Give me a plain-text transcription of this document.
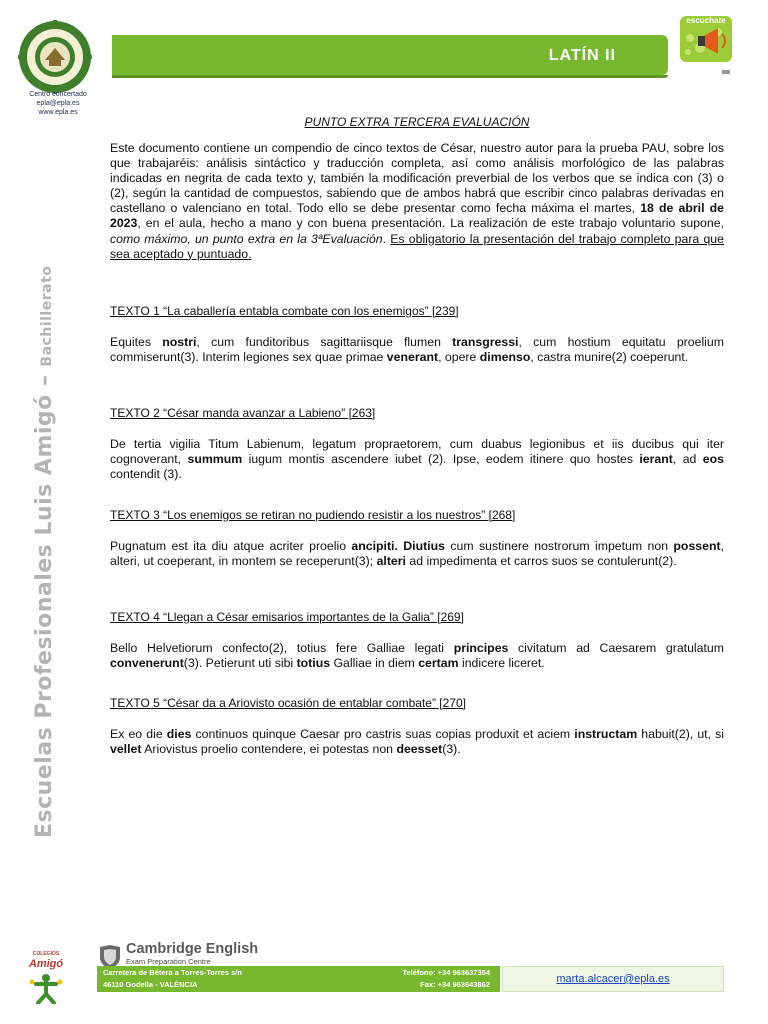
Centro concertado
epla@epla.es
www.epla.es
LATÍN II
escuchate
Escuelas Profesionales Luis Amigó –Bachillerato
PUNTO EXTRA TERCERA EVALUACIÓN
Este documento contiene un compendio de cinco textos de César, nuestro autor para la prueba PAU, sobre los que trabajaréis: análisis sintáctico y traducción completa, así como análisis morfológico de las palabras indicadas en negrita de cada texto y, también la modificación preverbial de los verbos que se indica con (3) o (2), según la cantidad de compuestos, sabiendo que de ambos habrá que escribir cinco palabras derivadas en castellano o valenciano en total. Todo ello se debe presentar como fecha máxima el martes, 18 de abril de 2023, en el aula, hecho a mano y con buena presentación. La realización de este trabajo voluntario supone, como máximo, un punto extra en la 3ªEvaluación. Es obligatorio la presentación del trabajo completo para que sea aceptado y puntuado.

TEXTO 1 “La caballería entabla combate con los enemigos” [239]

Equites nostri, cum funditoribus sagittariisque flumen transgressi, cum hostium equitatu proelium commiserunt(3). Interim legiones sex quae primae venerant, opere dimenso, castra munire(2) coeperunt.

TEXTO 2 “César manda avanzar a Labieno” [263]

De tertia vigilia Titum Labienum, legatum propraetorem, cum duabus legionibus et iis ducibus qui iter cognoverant, summum iugum montis ascendere iubet (2). Ipse, eodem itinere quo hostes ierant, ad eos contendit (3).

TEXTO 3 “Los enemigos se retiran no pudiendo resistir a los nuestros” [268]

Pugnatum est ita diu atque acriter proelio ancipiti. Diutius cum sustinere nostrorum impetum non possent, alteri, ut coeperant, in montem se receperunt(3); alteri ad impedimenta et carros suos se contulerunt(2).

TEXTO 4 “Llegan a César emisarios importantes de la Galia” [269]

Bello Helvetiorum confecto(2), totius fere Galliae legati principes civitatum ad Caesarem gratulatum convenerunt(3). Petierunt uti sibi totius Galliae in diem certam indicere liceret.

TEXTO 5 “César da a Ariovisto ocasión de entablar combate” [270]

Ex eo die dies continuos quinque Caesar pro castris suas copias produxit et aciem instructam habuit(2), ut, si vellet Ariovistus proelio contendere, ei potestas non deesset(3).

COLEGIOS
Amigó
Cambridge English
Exam Preparation Centre
Carretera de Bétera a Torres-Torres s/n
46110 Godella - VALÈNCIA
Teléfono: +34 963637354
Fax: +34 963643862	marta.alcacer@epla.es
